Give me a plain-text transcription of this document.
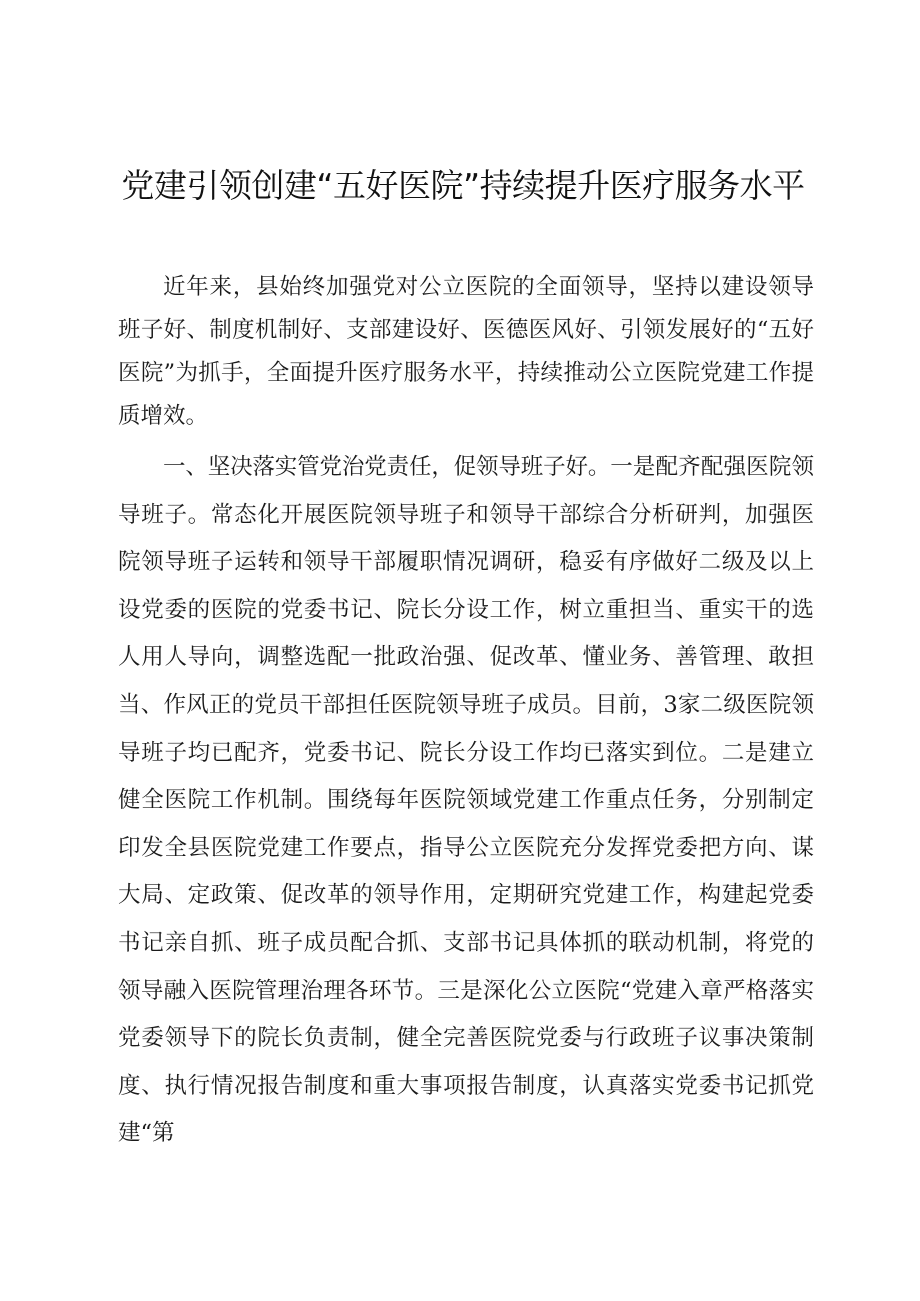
党建引领创建“五好医院”持续提升医疗服务水平

近年来，县始终加强党对公立医院的全面领导，坚持以建设领导班子好、制度机制好、支部建设好、医德医风好、引领发展好的“五好医院”为抓手，全面提升医疗服务水平，持续推动公立医院党建工作提质增效。

一、坚决落实管党治党责任，促领导班子好。一是配齐配强医院领导班子。常态化开展医院领导班子和领导干部综合分析研判，加强医院领导班子运转和领导干部履职情况调研，稳妥有序做好二级及以上设党委的医院的党委书记、院长分设工作，树立重担当、重实干的选人用人导向，调整选配一批政治强、促改革、懂业务、善管理、敢担当、作风正的党员干部担任医院领导班子成员。目前，3家二级医院领导班子均已配齐，党委书记、院长分设工作均已落实到位。二是建立健全医院工作机制。围绕每年医院领域党建工作重点任务，分别制定印发全县医院党建工作要点，指导公立医院充分发挥党委把方向、谋大局、定政策、促改革的领导作用，定期研究党建工作，构建起党委书记亲自抓、班子成员配合抓、支部书记具体抓的联动机制，将党的领导融入医院管理治理各环节。三是深化公立医院“党建入章严格落实党委领导下的院长负责制，健全完善医院党委与行政班子议事决策制度、执行情况报告制度和重大事项报告制度，认真落实党委书记抓党建“第
